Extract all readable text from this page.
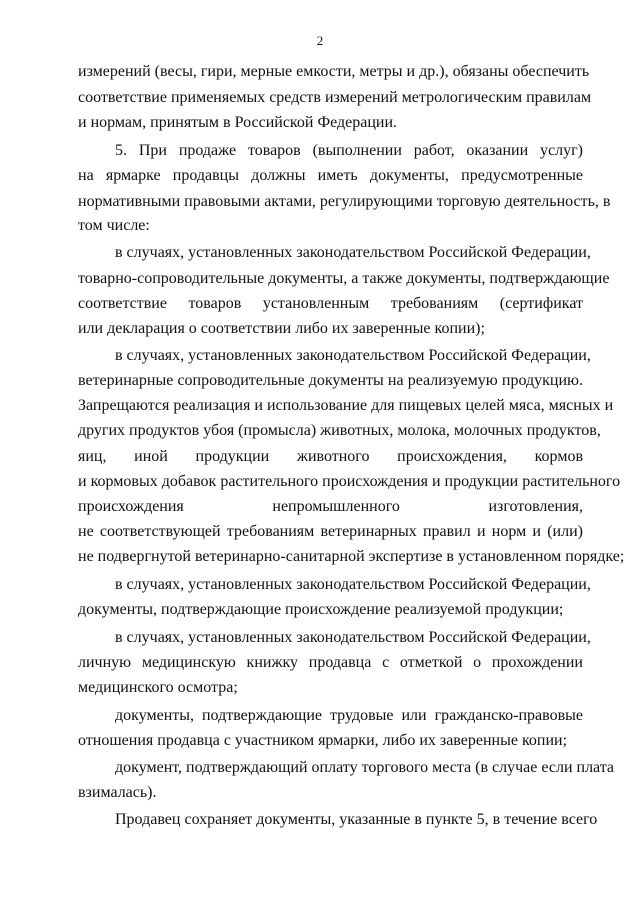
2
измерений (весы, гири, мерные емкости, метры и др.), обязаны обеспечить
соответствие применяемых средств измерений метрологическим правилам
и нормам, принятым в Российской Федерации.
5. При продаже товаров (выполнении работ, оказании услуг)
на ярмарке продавцы должны иметь документы, предусмотренные
нормативными правовыми актами, регулирующими торговую деятельность, в
том числе:
в случаях, установленных законодательством Российской Федерации,
товарно-сопроводительные документы, а также документы, подтверждающие
соответствие товаров установленным требованиям (сертификат
или декларация о соответствии либо их заверенные копии);
в случаях, установленных законодательством Российской Федерации,
ветеринарные сопроводительные документы на реализуемую продукцию.
Запрещаются реализация и использование для пищевых целей мяса, мясных и
других продуктов убоя (промысла) животных, молока, молочных продуктов,
яиц, иной продукции животного происхождения, кормов
и кормовых добавок растительного происхождения и продукции растительного
происхождения непромышленного изготовления,
не соответствующей требованиям ветеринарных правил и норм и (или)
не подвергнутой ветеринарно-санитарной экспертизе в установленном порядке;
в случаях, установленных законодательством Российской Федерации,
документы, подтверждающие происхождение реализуемой продукции;
в случаях, установленных законодательством Российской Федерации,
личную медицинскую книжку продавца с отметкой о прохождении
медицинского осмотра;
документы, подтверждающие трудовые или гражданско-правовые
отношения продавца с участником ярмарки, либо их заверенные копии;
документ, подтверждающий оплату торгового места (в случае если плата
взималась).
Продавец сохраняет документы, указанные в пункте 5, в течение всего
